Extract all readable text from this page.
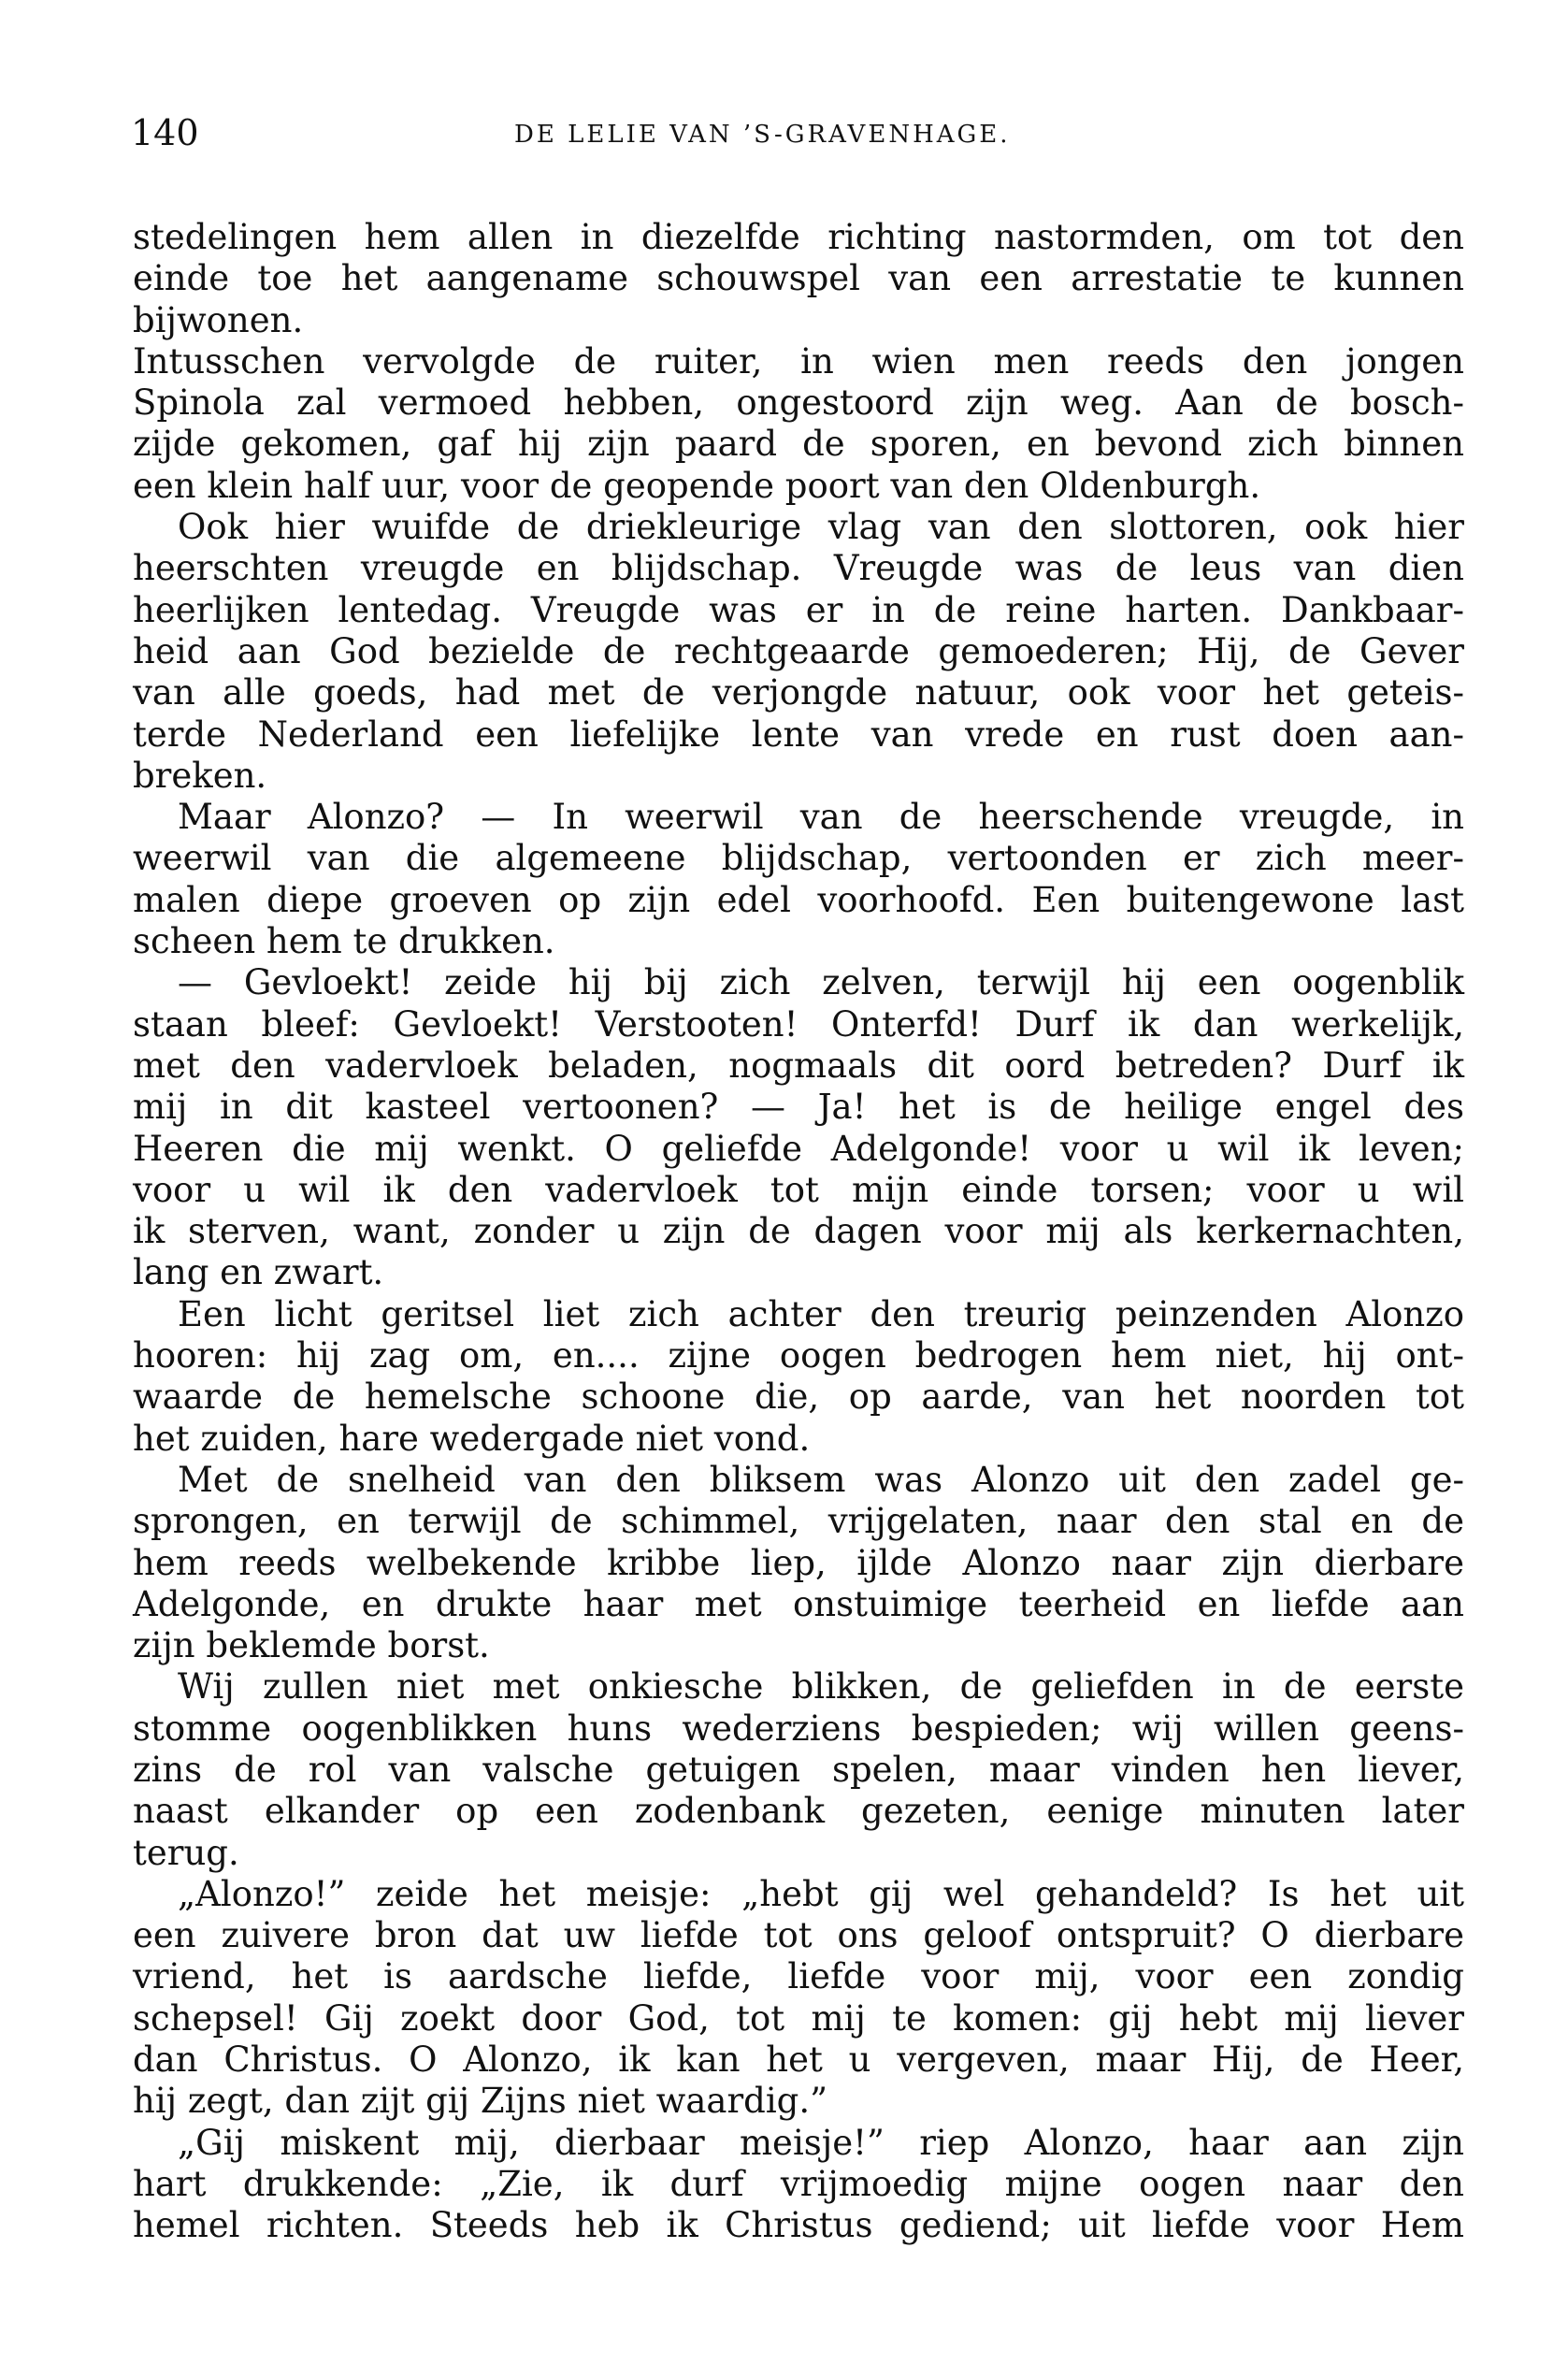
140	DE LELIE VAN ’S-GRAVENHAGE.
stedelingen hem allen in diezelfde richting nastormden, om tot den
einde toe het aangename schouwspel van een arrestatie te kunnen
bijwonen.
Intusschen vervolgde de ruiter, in wien men reeds den jongen
Spinola zal vermoed hebben, ongestoord zijn weg. Aan de bosch-
zijde gekomen, gaf hij zijn paard de sporen, en bevond zich binnen
een klein half uur, voor de geopende poort van den Oldenburgh.
Ook hier wuifde de driekleurige vlag van den slottoren, ook hier
heerschten vreugde en blijdschap. Vreugde was de leus van dien
heerlijken lentedag. Vreugde was er in de reine harten. Dankbaar-
heid aan God bezielde de rechtgeaarde gemoederen; Hij, de Gever
van alle goeds, had met de verjongde natuur, ook voor het geteis-
terde Nederland een liefelijke lente van vrede en rust doen aan-
breken.
Maar Alonzo? — In weerwil van de heerschende vreugde, in
weerwil van die algemeene blijdschap, vertoonden er zich meer-
malen diepe groeven op zijn edel voorhoofd. Een buitengewone last
scheen hem te drukken.
— Gevloekt! zeide hij bij zich zelven, terwijl hij een oogenblik
staan bleef: Gevloekt! Verstooten! Onterfd! Durf ik dan werkelijk,
met den vadervloek beladen, nogmaals dit oord betreden? Durf ik
mij in dit kasteel vertoonen? — Ja! het is de heilige engel des
Heeren die mij wenkt. O geliefde Adelgonde! voor u wil ik leven;
voor u wil ik den vadervloek tot mijn einde torsen; voor u wil
ik sterven, want, zonder u zijn de dagen voor mij als kerkernachten,
lang en zwart.
Een licht geritsel liet zich achter den treurig peinzenden Alonzo
hooren: hij zag om, en.... zijne oogen bedrogen hem niet, hij ont-
waarde de hemelsche schoone die, op aarde, van het noorden tot
het zuiden, hare wedergade niet vond.
Met de snelheid van den bliksem was Alonzo uit den zadel ge-
sprongen, en terwijl de schimmel, vrijgelaten, naar den stal en de
hem reeds welbekende kribbe liep, ijlde Alonzo naar zijn dierbare
Adelgonde, en drukte haar met onstuimige teerheid en liefde aan
zijn beklemde borst.
Wij zullen niet met onkiesche blikken, de geliefden in de eerste
stomme oogenblikken huns wederziens bespieden; wij willen geens-
zins de rol van valsche getuigen spelen, maar vinden hen liever,
naast elkander op een zodenbank gezeten, eenige minuten later
terug.
„Alonzo!” zeide het meisje: „hebt gij wel gehandeld? Is het uit
een zuivere bron dat uw liefde tot ons geloof ontspruit? O dierbare
vriend, het is aardsche liefde, liefde voor mij, voor een zondig
schepsel! Gij zoekt door God, tot mij te komen: gij hebt mij liever
dan Christus. O Alonzo, ik kan het u vergeven, maar Hij, de Heer,
hij zegt, dan zijt gij Zijns niet waardig.”
„Gij miskent mij, dierbaar meisje!” riep Alonzo, haar aan zijn
hart drukkende: „Zie, ik durf vrijmoedig mijne oogen naar den
hemel richten. Steeds heb ik Christus gediend; uit liefde voor Hem
